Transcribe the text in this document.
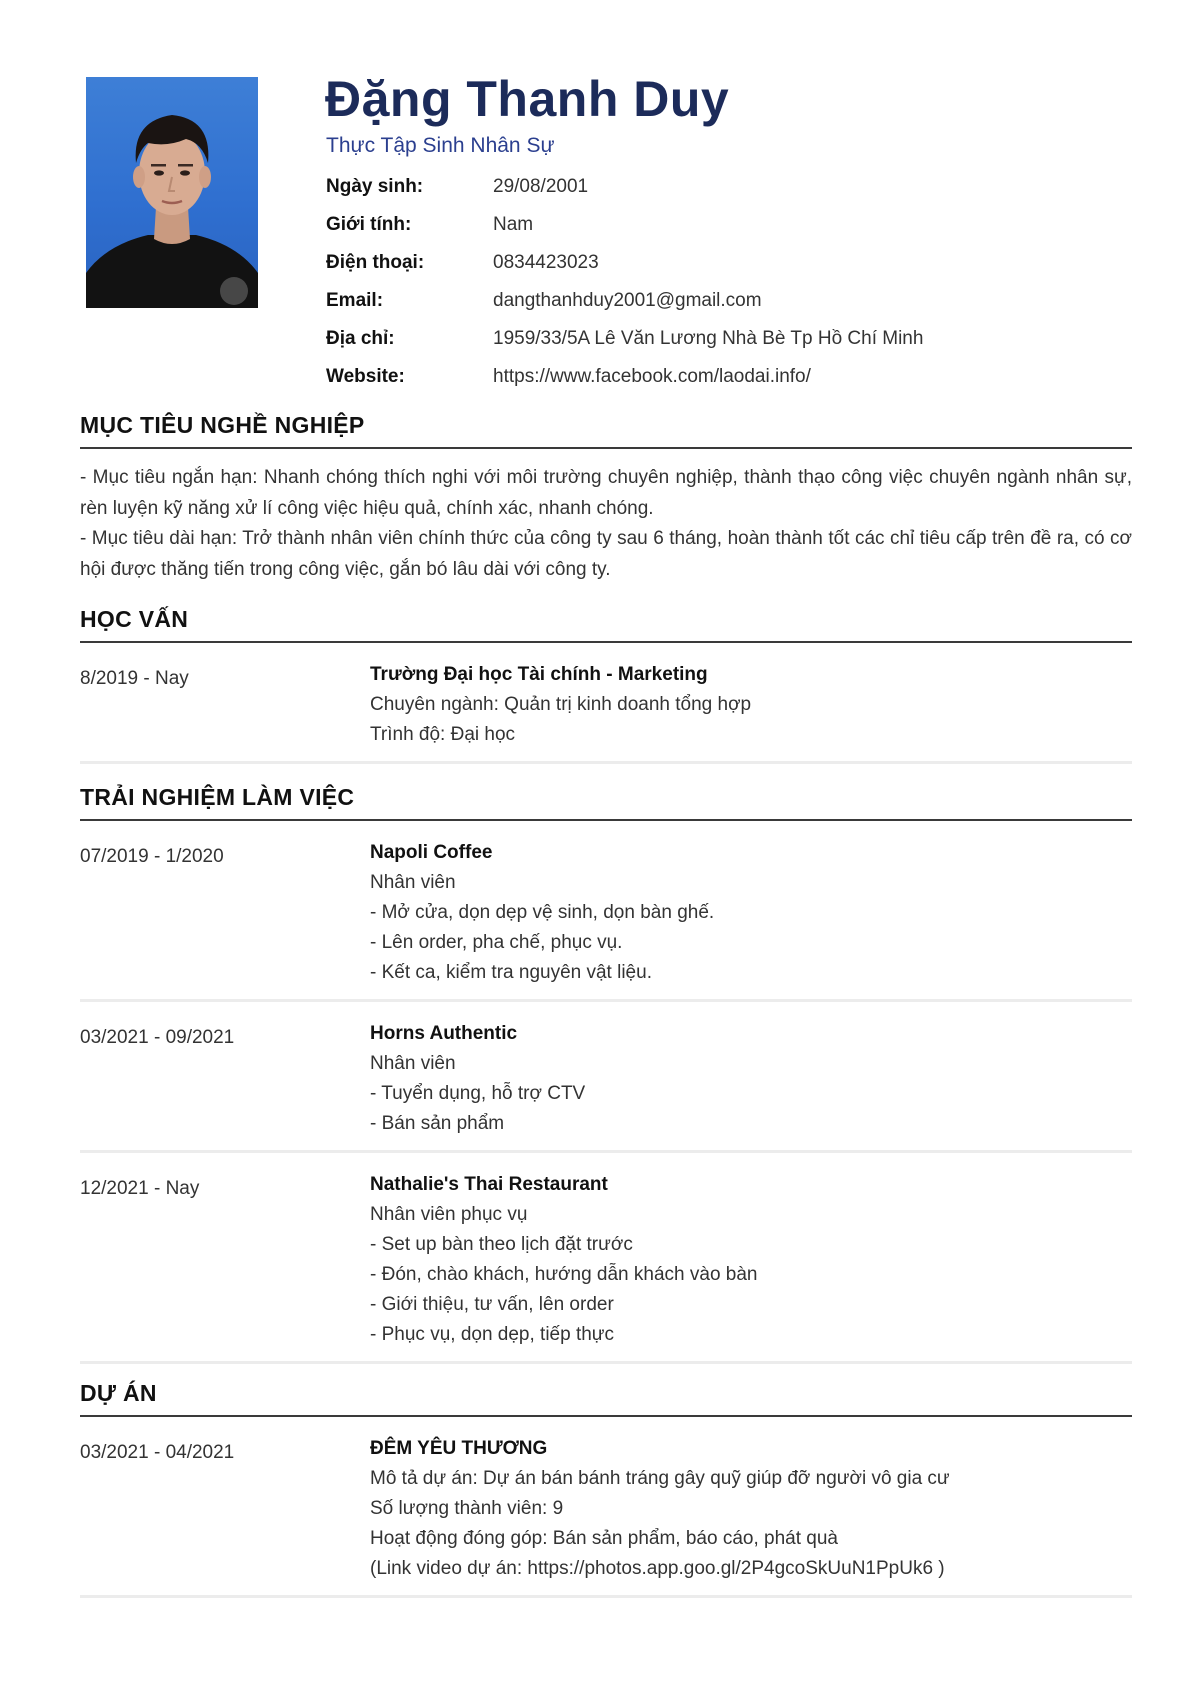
Đặng Thanh Duy
Thực Tập Sinh Nhân Sự
Ngày sinh:	29/08/2001
Giới tính:	Nam
Điện thoại:	0834423023
Email:	dangthanhduy2001@gmail.com
Địa chỉ:	1959/33/5A Lê Văn Lương Nhà Bè Tp Hồ Chí Minh
Website:	https://www.facebook.com/laodai.info/
MỤC TIÊU NGHỀ NGHIỆP

- Mục tiêu ngắn hạn: Nhanh chóng thích nghi với môi trường chuyên nghiệp, thành thạo công việc chuyên ngành nhân sự, rèn luyện kỹ năng xử lí công việc hiệu quả, chính xác, nhanh chóng.

- Mục tiêu dài hạn: Trở thành nhân viên chính thức của công ty sau 6 tháng, hoàn thành tốt các chỉ tiêu cấp trên đề ra, có cơ hội được thăng tiến trong công việc, gắn bó lâu dài với công ty.

HỌC VẤN
8/2019 - Nay	Trường Đại học Tài chính - Marketing
Chuyên ngành: Quản trị kinh doanh tổng hợp
Trình độ: Đại học
TRẢI NGHIỆM LÀM VIỆC
07/2019 - 1/2020	Napoli Coffee
Nhân viên
- Mở cửa, dọn dẹp vệ sinh, dọn bàn ghế.
- Lên order, pha chế, phục vụ.
- Kết ca, kiểm tra nguyên vật liệu.
03/2021 - 09/2021	Horns Authentic
Nhân viên
- Tuyển dụng, hỗ trợ CTV
- Bán sản phẩm
12/2021 - Nay	Nathalie's Thai Restaurant
Nhân viên phục vụ
- Set up bàn theo lịch đặt trước
- Đón, chào khách, hướng dẫn khách vào bàn
- Giới thiệu, tư vấn, lên order
- Phục vụ, dọn dẹp, tiếp thực
DỰ ÁN
03/2021 - 04/2021	ĐÊM YÊU THƯƠNG
Mô tả dự án: Dự án bán bánh tráng gây quỹ giúp đỡ người vô gia cư
Số lượng thành viên: 9
Hoạt động đóng góp: Bán sản phẩm, báo cáo, phát quà
(Link video dự án: https://photos.app.goo.gl/2P4gcoSkUuN1PpUk6 )
